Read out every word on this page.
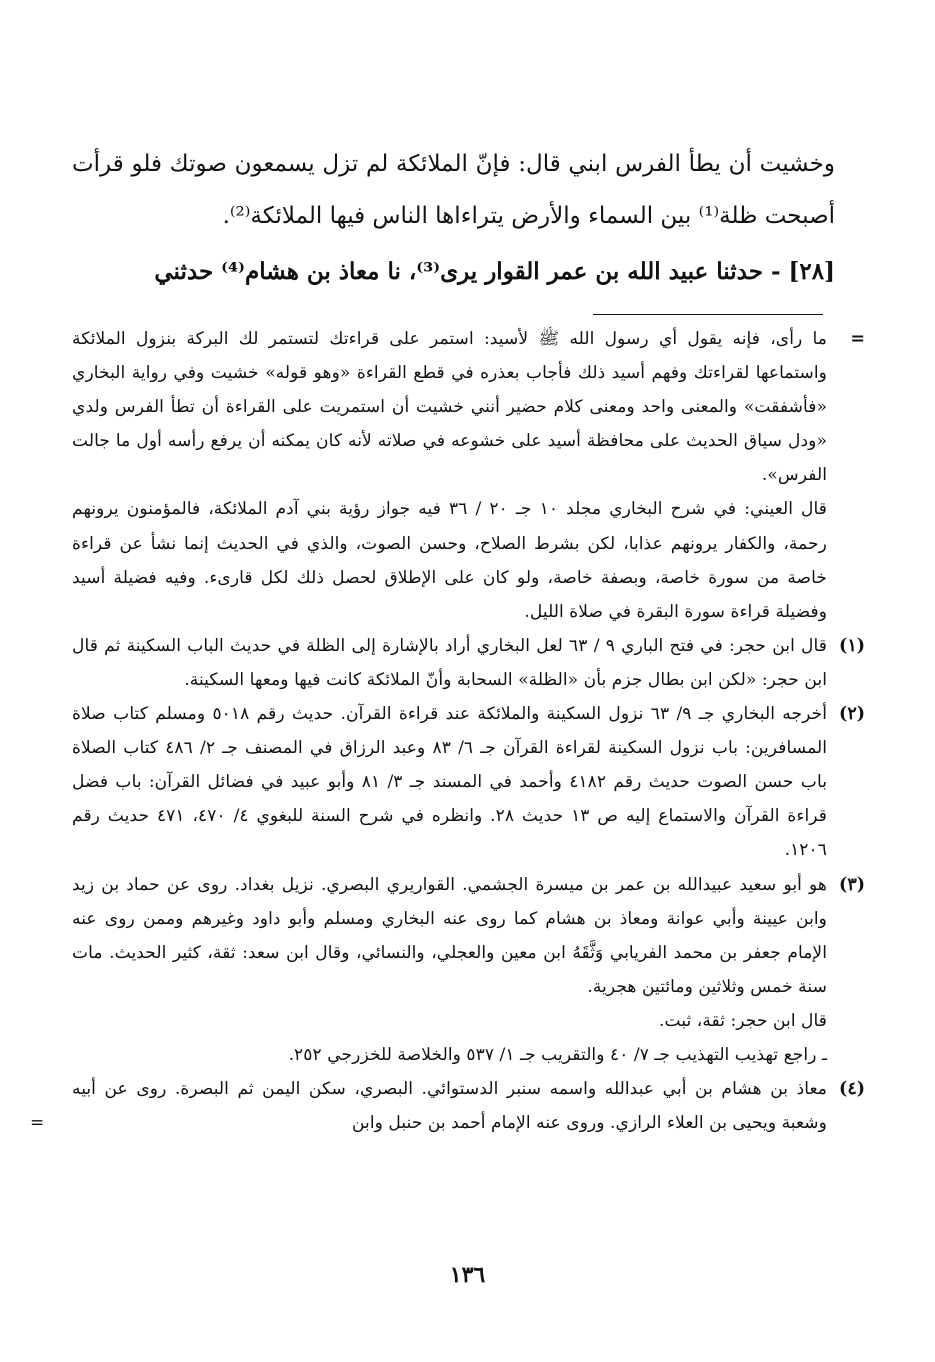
وخشيت أن يطأ الفرس ابني قال: فإنّ الملائكة لم تزل يسمعون صوتك فلو قرأت أصبحت ظلة⁽¹⁾ بين السماء والأرض يتراءاها الناس فيها الملائكة⁽²⁾.

[٢٨] - حدثنا عبيد الله بن عمر القوار يرى⁽³⁾، نا معاذ بن هشام⁽⁴⁾ حدثني

=

ما رأى، فإنه يقول أي رسول الله ﷺ لأسيد: استمر على قراءتك لتستمر لك البركة بنزول الملائكة واستماعها لقراءتك وفهم أسيد ذلك فأجاب بعذره في قطع القراءة «وهو قوله» خشيت وفي رواية البخاري «فأشفقت» والمعنى واحد ومعنى كلام حضير أنني خشيت أن استمريت على القراءة أن تطأ الفرس ولدي «ودل سياق الحديث على محافظة أسيد على خشوعه في صلاته لأنه كان يمكنه أن يرفع رأسه أول ما جالت الفرس».

قال العيني: في شرح البخاري مجلد ١٠ جـ ٢٠ / ٣٦ فيه جواز رؤية بني آدم الملائكة، فالمؤمنون يرونهم رحمة، والكفار يرونهم عذابا، لكن بشرط الصلاح، وحسن الصوت، والذي في الحديث إنما نشأ عن قراءة خاصة من سورة خاصة، وبصفة خاصة، ولو كان على الإطلاق لحصل ذلك لكل قارىء. وفيه فضيلة أسيد وفضيلة قراءة سورة البقرة في صلاة الليل.

(١)

قال ابن حجر: في فتح الباري ٩ / ٦٣ لعل البخاري أراد بالإشارة إلى الظلة في حديث الباب السكينة ثم قال ابن حجر: «لكن ابن بطال جزم بأن «الظلة» السحابة وأنّ الملائكة كانت فيها ومعها السكينة.

(٢)

أخرجه البخاري جـ ٩/ ٦٣ نزول السكينة والملائكة عند قراءة القرآن. حديث رقم ٥٠١٨ ومسلم كتاب صلاة المسافرين: باب نزول السكينة لقراءة القرآن جـ ٦/ ٨٣ وعبد الرزاق في المصنف جـ ٢/ ٤٨٦ كتاب الصلاة باب حسن الصوت حديث رقم ٤١٨٢ وأحمد في المسند جـ ٣/ ٨١ وأبو عبيد في فضائل القرآن: باب فضل قراءة القرآن والاستماع إليه ص ١٣ حديث ٢٨. وانظره في شرح السنة للبغوي ٤/ ٤٧٠، ٤٧١ حديث رقم ١٢٠٦.

(٣)

هو أبو سعيد عبيدالله بن عمر بن ميسرة الجشمي. القواريري البصري. نزيل بغداد. روى عن حماد بن زيد وابن عيينة وأبي عوانة ومعاذ بن هشام كما روى عنه البخاري ومسلم وأبو داود وغيرهم وممن روى عنه الإمام جعفر بن محمد الفريابي وَثَّقَهُ ابن معين والعجلي، والنسائي، وقال ابن سعد: ثقة، كثير الحديث. مات سنة خمس وثلاثين ومائتين هجرية.

قال ابن حجر: ثقة، ثبت.

ـ راجع تهذيب التهذيب جـ ٧/ ٤٠ والتقريب جـ ١/ ٥٣٧ والخلاصة للخزرجي ٢٥٢.

(٤)

معاذ بن هشام بن أبي عبدالله واسمه سنبر الدستوائي. البصري، سكن اليمن ثم البصرة. روى عن أبيه وشعبة ويحيى بن العلاء الرازي. وروى عنه الإمام أحمد بن حنبل وابن

=
١٣٦
